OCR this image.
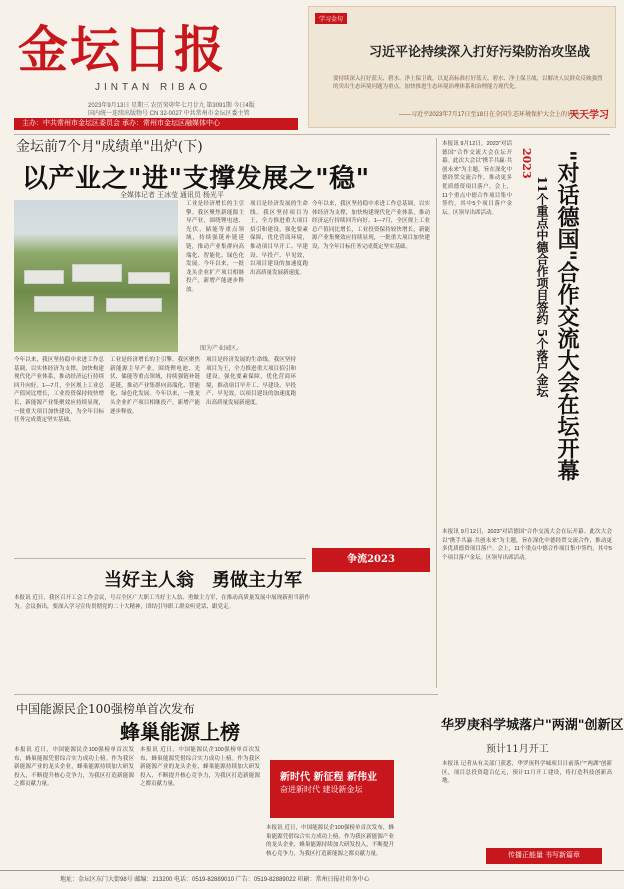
金坛日报
JINTAN RIBAO
2023年9月13日 星期三 农历癸卯年七月廿九 第3091期 今日4版
国内统一连续出版物号 CN 32-0027 中共常州市金坛区委主管
主办：中共常州市金坛区委员会 承办：常州市金坛区融媒体中心
学习金句
习近平论持续深入打好污染防治攻坚战
要持续深入打好蓝天、碧水、净土保卫战，以更高标准打好蓝天、碧水、净土保卫战，以解决人民群众反映强烈的突出生态环境问题为重点，加快推进生态环境治理体系和治理能力现代化。
——习近平2023年7月17日至18日在全国生态环境保护大会上的讲话
天天学习
金坛前7个月"成绩单"出炉(下)
以产业之"进"支撑发展之"稳"
全媒体记者 王冰莹 通讯员 杨光平
图为产业园区。
工业是经济增长的主引擎。我区聚焦新能源主导产业，围绕锂电池、光伏、储能等重点领域，持续强链补链延链，推动产业集群向高端化、智能化、绿色化发展。今年以来，一批龙头企业扩产项目相继投产，新增产能逐步释放。
项目是经济发展的生命线。我区坚持项目为王，全力推进重大项目招引和建设，强化要素保障，优化营商环境，推动项目早开工、早建设、早投产、早见效，以项目建设的加速度跑出高质量发展新速度。
今年以来，我区坚持稳中求进工作总基调，以实体经济为支撑，加快构建现代化产业体系，推动经济运行持续回升向好。1—7月，全区规上工业总产值同比增长，工业投资保持较快增长，新能源产业集聚效应持续显现，一批重大项目加快建设，为全年目标任务完成奠定坚实基础。
工业是经济增长的主引擎。我区聚焦新能源主导产业，围绕锂电池、光伏、储能等重点领域，持续强链补链延链，推动产业集群向高端化、智能化、绿色化发展。今年以来，一批龙头企业扩产项目相继投产，新增产能逐步释放。
项目是经济发展的生命线。我区坚持项目为王，全力推进重大项目招引和建设，强化要素保障，优化营商环境，推动项目早开工、早建设、早投产、早见效，以项目建设的加速度跑出高质量发展新速度。
今年以来，我区坚持稳中求进工作总基调，以实体经济为支撑，加快构建现代化产业体系，推动经济运行持续回升向好。1—7月，全区规上工业总产值同比增长，工业投资保持较快增长，新能源产业集聚效应持续显现，一批重大项目加快建设，为全年目标任务完成奠定坚实基础。
争流2023
本报讯 9月12日，2023"对话德国"合作交流大会在坛开幕。此次大会以"携手共赢·共创未来"为主题，旨在深化中德经贸交流合作，推动更多优质德资项目落户。会上，11个重点中德合作项目集中签约，其中5个项目落户金坛。区领导出席活动。
本报讯 9月12日，2023"对话德国"合作交流大会在坛开幕。此次大会以"携手共赢·共创未来"为主题，旨在深化中德经贸交流合作，推动更多优质德资项目落户。会上，11个重点中德合作项目集中签约，其中5个项目落户金坛。区领导出席活动。
2023 "对话德国"合作交流大会在坛开幕
11个重点中德合作项目签约 5个落户金坛
当好主人翁 勇做主力军
本报讯 近日，我区召开工会工作会议，号召全区广大职工当好主人翁、勇做主力军，在推动高质量发展中展现新担当新作为。会议指出，要深入学习宣传贯彻党的二十大精神，团结引导职工群众听党话、跟党走。
中国能源民企100强榜单首次发布
蜂巢能源上榜
本报讯 近日，中国能源民企100强榜单首次发布，蜂巢能源凭借综合实力成功上榜。作为我区新能源产业的龙头企业，蜂巢能源持续加大研发投入，不断提升核心竞争力，为我区打造新能源之都贡献力量。
本报讯 近日，中国能源民企100强榜单首次发布，蜂巢能源凭借综合实力成功上榜。作为我区新能源产业的龙头企业，蜂巢能源持续加大研发投入，不断提升核心竞争力，为我区打造新能源之都贡献力量。
本报讯 近日，中国能源民企100强榜单首次发布，蜂巢能源凭借综合实力成功上榜。作为我区新能源产业的龙头企业，蜂巢能源持续加大研发投入，不断提升核心竞争力，为我区打造新能源之都贡献力量。
新时代 新征程 新伟业
奋进新时代 建设新金坛
华罗庚科学城落户"两湖"创新区
预计11月开工
本报讯 记者从有关部门获悉，华罗庚科学城项目日前落户"两湖"创新区，项目总投资超百亿元，预计11月开工建设，将打造科技创新高地。
传播正能量 书写新篇章
地址：金坛区东门大街98号 邮编：213200 电话：0519-82889010 广告：0519-82889022 印刷：常州日报社印务中心
